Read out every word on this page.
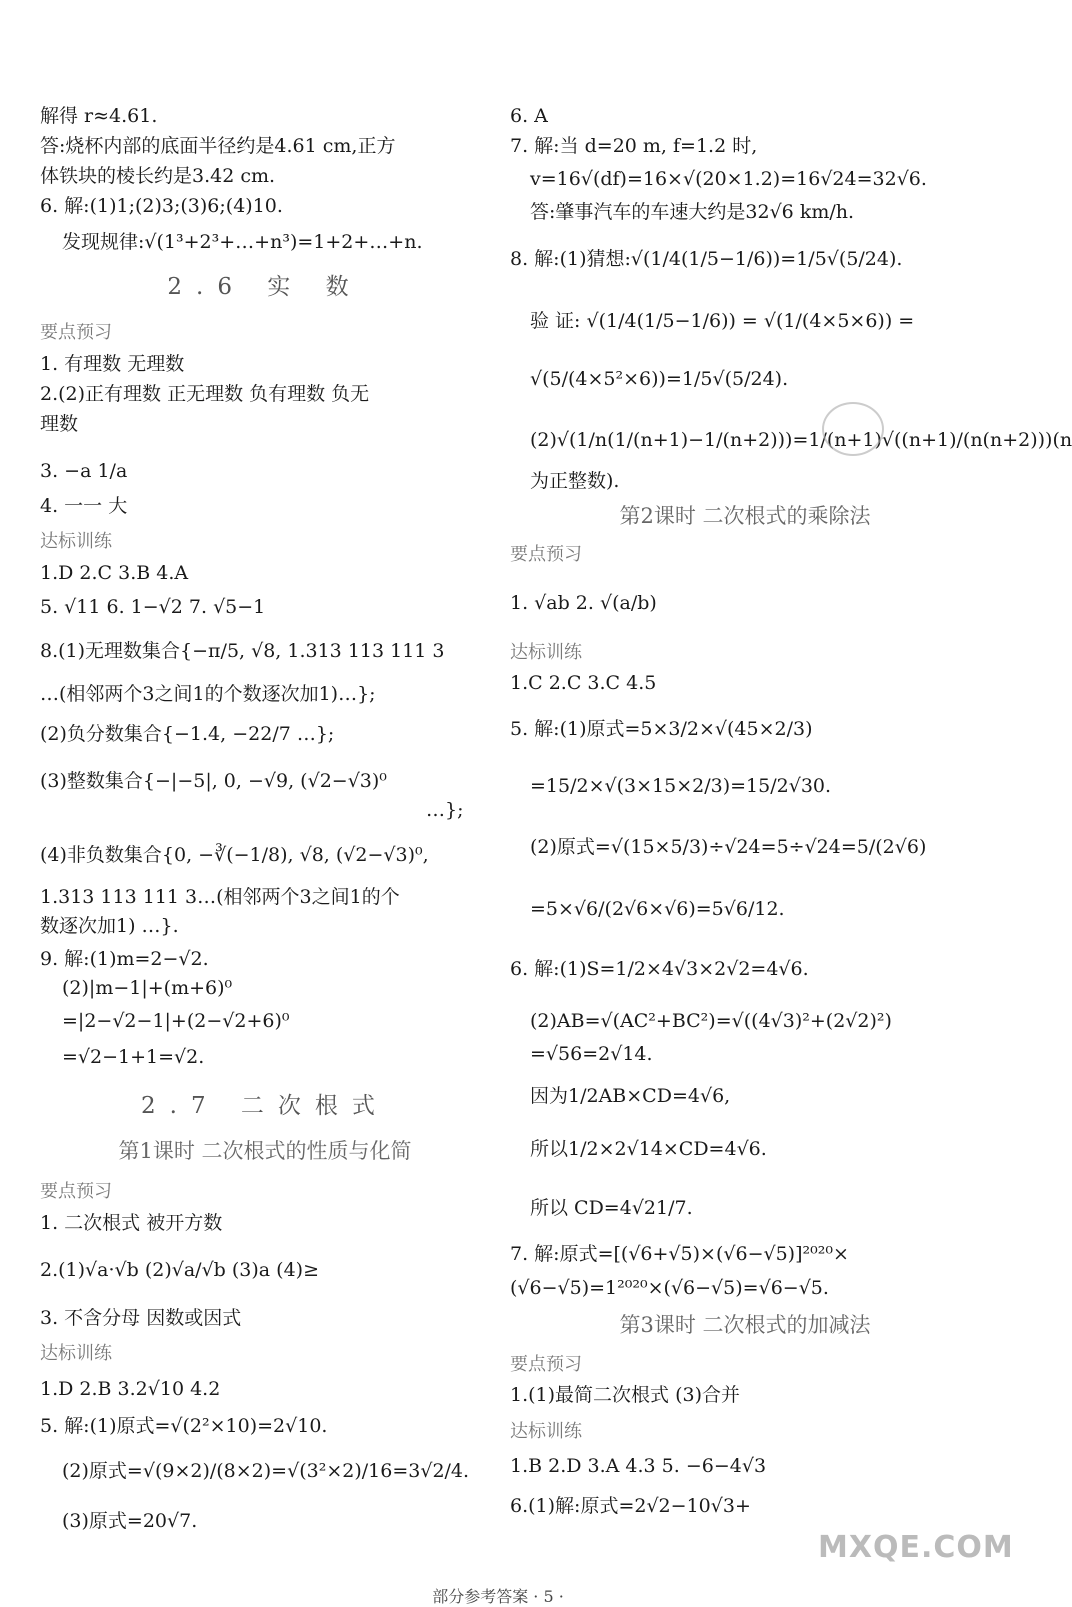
解得 r≈4.61.
答:烧杯内部的底面半径约是4.61 cm,正方
体铁块的棱长约是3.42 cm.
6. 解:(1)1;(2)3;(3)6;(4)10.
发现规律:√(1³+2³+…+n³)=1+2+…+n.
2.6 实 数
要点预习
1. 有理数 无理数
2.(2)正有理数 正无理数 负有理数 负无
理数
3. −a 1/a
4. 一一 大
达标训练
1.D 2.C 3.B 4.A
5. √11 6. 1−√2 7. √5−1
8.(1)无理数集合{−π/5, √8, 1.313 113 111 3
…(相邻两个3之间1的个数逐次加1)…};
(2)负分数集合{−1.4, −22/7 …};
(3)整数集合{−|−5|, 0, −√9, (√2−√3)⁰
…};
(4)非负数集合{0, −∛(−1/8), √8, (√2−√3)⁰,
1.313 113 111 3…(相邻两个3之间1的个
数逐次加1) …}.
9. 解:(1)m=2−√2.
(2)|m−1|+(m+6)⁰
=|2−√2−1|+(2−√2+6)⁰
=√2−1+1=√2.
2.7 二次根式
第1课时 二次根式的性质与化简
要点预习
1. 二次根式 被开方数
2.(1)√a·√b (2)√a/√b (3)a (4)≥
3. 不含分母 因数或因式
达标训练
1.D 2.B 3.2√10 4.2
5. 解:(1)原式=√(2²×10)=2√10.
(2)原式=√(9×2)/(8×2)=√(3²×2)/16=3√2/4.
(3)原式=20√7.
6. A
7. 解:当 d=20 m, f=1.2 时,
v=16√(df)=16×√(20×1.2)=16√24=32√6.
答:肇事汽车的车速大约是32√6 km/h.
8. 解:(1)猜想:√(1/4(1/5−1/6))=1/5√(5/24).
验 证: √(1/4(1/5−1/6)) = √(1/(4×5×6)) =
√(5/(4×5²×6))=1/5√(5/24).
(2)√(1/n(1/(n+1)−1/(n+2)))=1/(n+1)√((n+1)/(n(n+2)))(n
为正整数).
第2课时 二次根式的乘除法
要点预习
1. √ab 2. √(a/b)
达标训练
1.C 2.C 3.C 4.5
5. 解:(1)原式=5×3/2×√(45×2/3)
=15/2×√(3×15×2/3)=15/2√30.
(2)原式=√(15×5/3)÷√24=5÷√24=5/(2√6)
=5×√6/(2√6×√6)=5√6/12.
6. 解:(1)S=1/2×4√3×2√2=4√6.
(2)AB=√(AC²+BC²)=√((4√3)²+(2√2)²)
=√56=2√14.
因为1/2AB×CD=4√6,
所以1/2×2√14×CD=4√6.
所以 CD=4√21/7.
7. 解:原式=[(√6+√5)×(√6−√5)]²⁰²⁰×
(√6−√5)=1²⁰²⁰×(√6−√5)=√6−√5.
第3课时 二次根式的加减法
要点预习
1.(1)最简二次根式 (3)合并
达标训练
1.B 2.D 3.A 4.3 5. −6−4√3
6.(1)解:原式=2√2−10√3+
MXQE.COM
部分参考答案 · 5 ·
